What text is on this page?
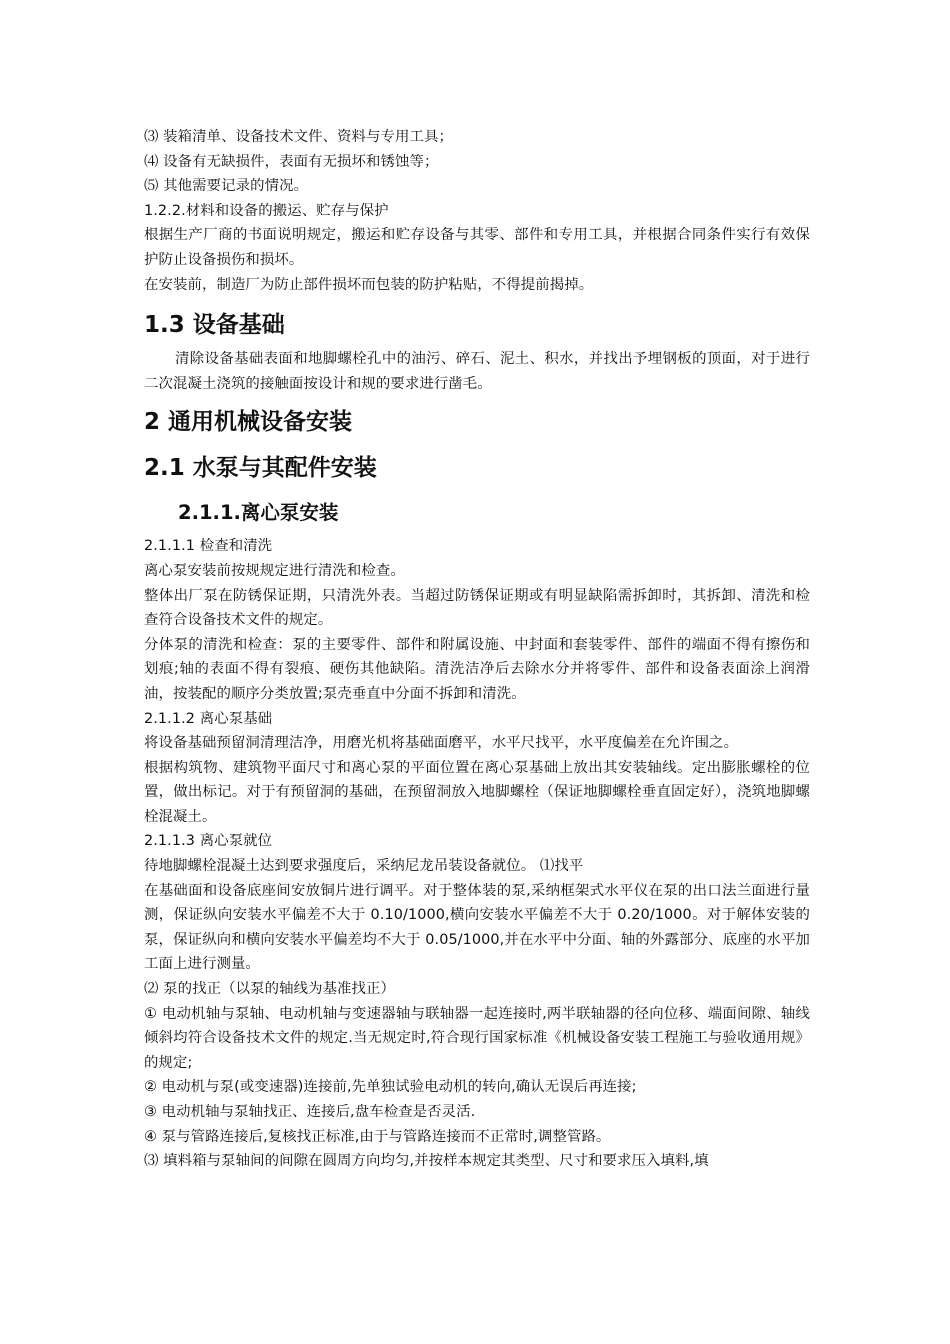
⑶ 装箱清单、设备技术文件、资料与专用工具；

⑷ 设备有无缺损件，表面有无损坏和锈蚀等；

⑸ 其他需要记录的情况。

1.2.2.材料和设备的搬运、贮存与保护

根据生产厂商的书面说明规定，搬运和贮存设备与其零、部件和专用工具，并根据合同条件实行有效保护防止设备损伤和损坏。

在安装前，制造厂为防止部件损坏而包装的防护粘贴，不得提前揭掉。

1.3 设备基础

清除设备基础表面和地脚螺栓孔中的油污、碎石、泥土、积水，并找出予埋钢板的顶面，对于进行二次混凝土浇筑的接触面按设计和规的要求进行凿毛。

2 通用机械设备安装
2.1 水泵与其配件安装
2.1.1.离心泵安装

2.1.1.1 检查和清洗

离心泵安装前按规规定进行清洗和检查。

整体出厂泵在防锈保证期，只清洗外表。当超过防锈保证期或有明显缺陷需拆卸时，其拆卸、清洗和检查符合设备技术文件的规定。

分体泵的清洗和检查：泵的主要零件、部件和附属设施、中封面和套装零件、部件的端面不得有擦伤和划痕;轴的表面不得有裂痕、硬伤其他缺陷。清洗洁净后去除水分并将零件、部件和设备表面涂上润滑油，按装配的顺序分类放置;泵壳垂直中分面不拆卸和清洗。

2.1.1.2 离心泵基础

将设备基础预留洞清理洁净，用磨光机将基础面磨平，水平尺找平，水平度偏差在允许围之。

根据构筑物、建筑物平面尺寸和离心泵的平面位置在离心泵基础上放出其安装轴线。定出膨胀螺栓的位置，做出标记。对于有预留洞的基础，在预留洞放入地脚螺栓（保证地脚螺栓垂直固定好），浇筑地脚螺栓混凝土。

2.1.1.3 离心泵就位

待地脚螺栓混凝土达到要求强度后，采纳尼龙吊装设备就位。 ⑴找平

在基础面和设备底座间安放铜片进行调平。对于整体装的泵,采纳框架式水平仪在泵的出口法兰面进行量测，保证纵向安装水平偏差不大于 0.10/1000,横向安装水平偏差不大于 0.20/1000。对于解体安装的泵，保证纵向和横向安装水平偏差均不大于 0.05/1000,并在水平中分面、轴的外露部分、底座的水平加工面上进行测量。

⑵ 泵的找正（以泵的轴线为基准找正）

① 电动机轴与泵轴、电动机轴与变速器轴与联轴器一起连接时,两半联轴器的径向位移、端面间隙、轴线倾斜均符合设备技术文件的规定.当无规定时,符合现行国家标准《机械设备安装工程施工与验收通用规》的规定;

② 电动机与泵(或变速器)连接前,先单独试验电动机的转向,确认无误后再连接;

③ 电动机轴与泵轴找正、连接后,盘车检查是否灵活.

④ 泵与管路连接后,复核找正标准,由于与管路连接而不正常时,调整管路。

⑶ 填料箱与泵轴间的间隙在圆周方向均匀,并按样本规定其类型、尺寸和要求压入填料,填
